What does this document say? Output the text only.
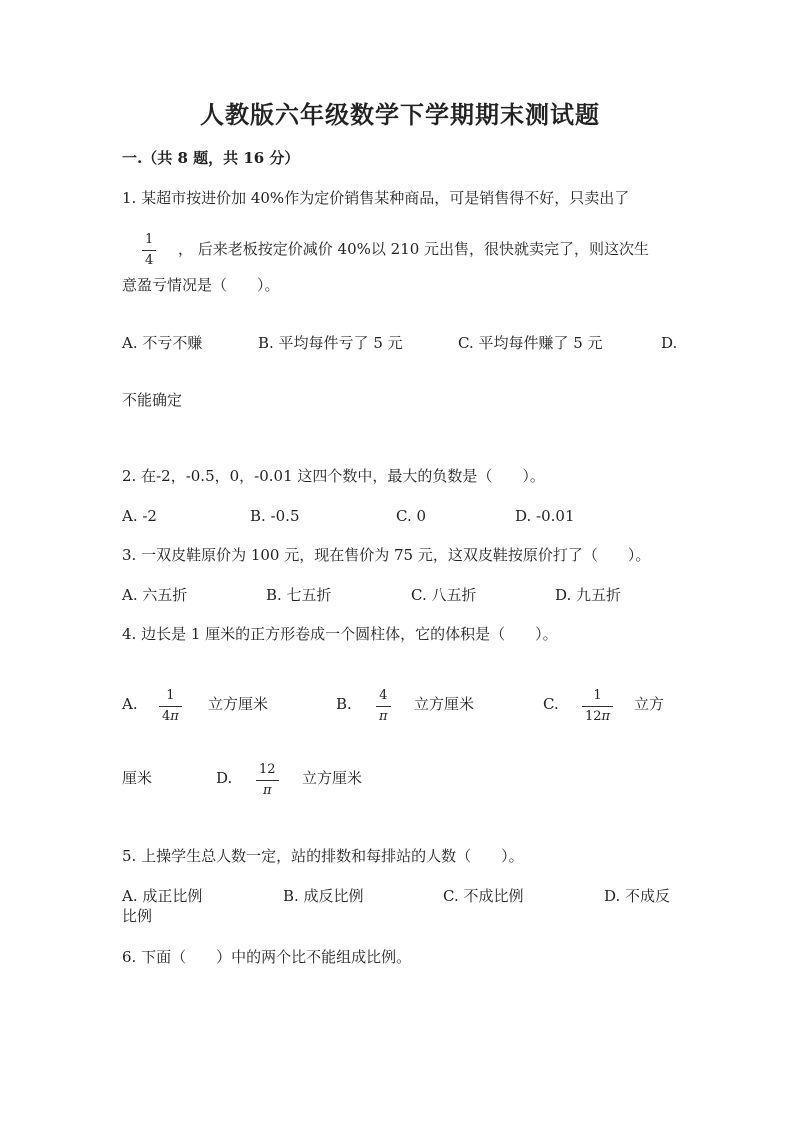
人教版六年级数学下学期期末测试题
一.（共 8 题，共 16 分）
1. 某超市按进价加 40%作为定价销售某种商品，可是销售得不好，只卖出了
1
4
， 后来老板按定价减价 40%以 210 元出售，很快就卖完了，则这次生
意盈亏情况是（　　）。
A. 不亏不赚	B. 平均每件亏了 5 元	C. 平均每件赚了 5 元	D.
不能确定
2. 在-2，-0.5，0，-0.01 这四个数中，最大的负数是（　　）。
A. -2	B. -0.5	C. 0	D. -0.01
3. 一双皮鞋原价为 100 元，现在售价为 75 元，这双皮鞋按原价打了（　　）。
A. 六五折	B. 七五折	C. 八五折	D. 九五折
4. 边长是 1 厘米的正方形卷成一个圆柱体，它的体积是（　　）。
A. 1
4π
立方厘米	B. 4
π
立方厘米	C.	1
12π
立方
厘米	D. 12
π
立方厘米
5. 上操学生总人数一定，站的排数和每排站的人数（　　）。
A. 成正比例	B. 成反比例	C. 不成比例	D. 不成反
比例
6. 下面（　　）中的两个比不能组成比例。
